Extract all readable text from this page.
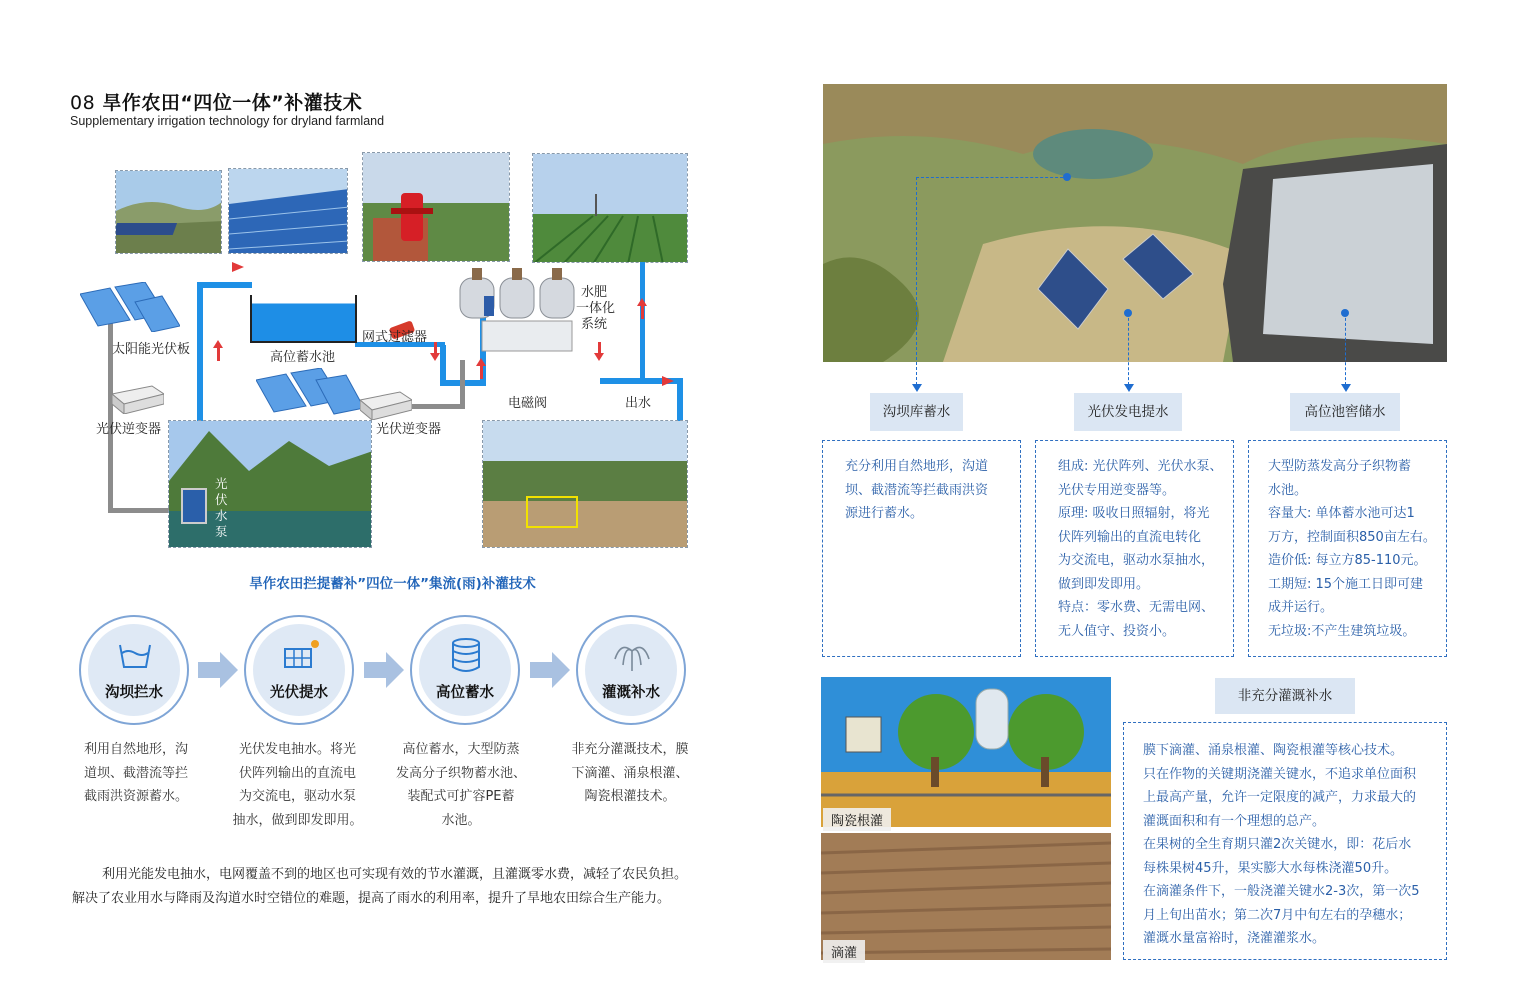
08 旱作农田“四位一体”补灌技术
Supplementary irrigation technology for dryland farmland
高位蓄水池
网式过滤器
水肥
一体化
系统
太阳能光伏板
光伏逆变器	光伏逆变器
电磁阀	出水
光
伏
水
泵
旱作农田拦提蓄补”四位一体”集流(雨)补灌技术
沟坝拦水	光伏提水	高位蓄水	灌溉补水
利用自然地形，沟
道坝、截潜流等拦
截雨洪资源蓄水。
光伏发电抽水。将光
伏阵列输出的直流电
为交流电，驱动水泵
抽水，做到即发即用。
高位蓄水，大型防蒸
发高分子织物蓄水池、
装配式可扩容PE蓄
水池。
非充分灌溉技术，膜
下滴灌、涌泉根灌、
陶瓷根灌技术。
利用光能发电抽水，电网覆盖不到的地区也可实现有效的节水灌溉，且灌溉零水费，减轻了农民负担。
解决了农业用水与降雨及沟道水时空错位的难题，提高了雨水的利用率，提升了旱地农田综合生产能力。
沟坝库蓄水	光伏发电提水	高位池窖储水

充分利用自然地形，沟道

坝、截潜流等拦截雨洪资

源进行蓄水。

组成: 光伏阵列、光伏水泵、

光伏专用逆变器等。

原理: 吸收日照辐射，将光

伏阵列输出的直流电转化

为交流电，驱动水泵抽水，

做到即发即用。

特点：零水费、无需电网、

无人值守、投资小。

大型防蒸发高分子织物蓄

水池。

容量大: 单体蓄水池可达1

万方，控制面积850亩左右。

造价低: 每立方85-110元。

工期短: 15个施工日即可建

成并运行。

无垃圾:不产生建筑垃圾。

陶瓷根灌
滴灌
非充分灌溉补水

膜下滴灌、涌泉根灌、陶瓷根灌等核心技术。

只在作物的关键期浇灌关键水，不追求单位面积

上最高产量，允许一定限度的减产，力求最大的

灌溉面积和有一个理想的总产。

在果树的全生育期只灌2次关键水，即：花后水

每株果树45升，果实膨大水每株浇灌50升。

在滴灌条件下，一般浇灌关键水2-3次，第一次5

月上旬出苗水；第二次7月中旬左右的孕穗水；

灌溉水量富裕时，浇灌灌浆水。
